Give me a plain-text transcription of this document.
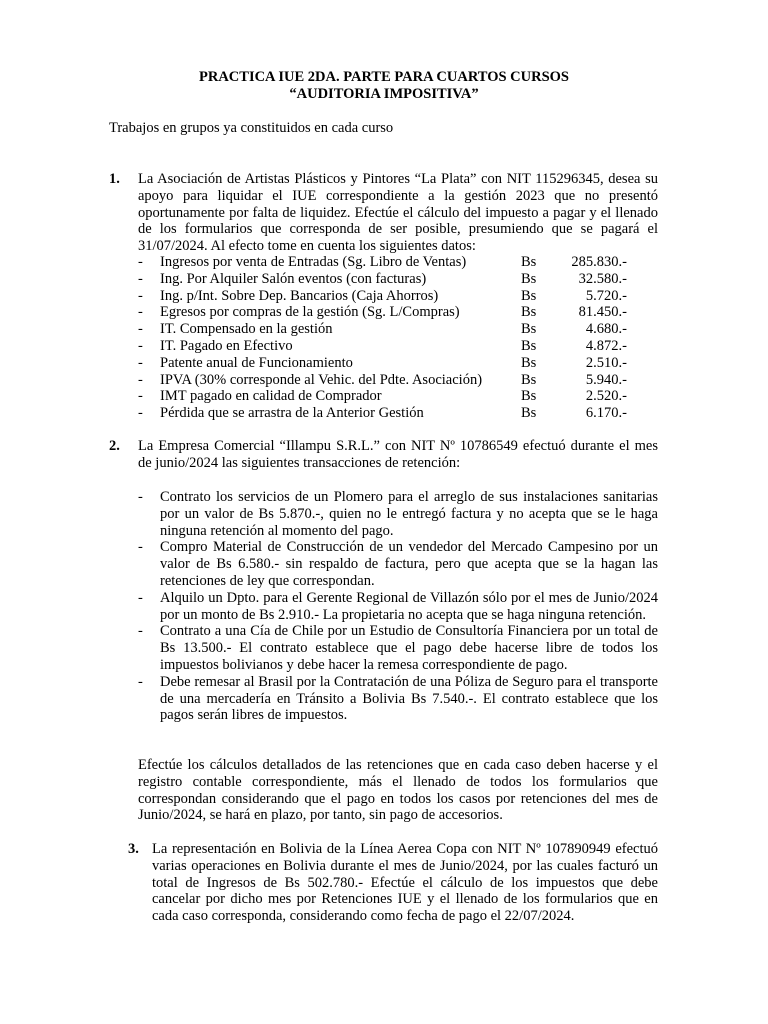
PRACTICA IUE 2DA. PARTE PARA CUARTOS CURSOS
“AUDITORIA IMPOSITIVA”
Trabajos en grupos ya constituidos en cada curso
1. La Asociación de Artistas Plásticos y Pintores “La Plata” con NIT 115296345, desea su apoyo para liquidar el IUE correspondiente a la gestión 2023 que no presentó oportunamente por falta de liquidez. Efectúe el cálculo del impuesto a pagar y el llenado de los formularios que corresponda de ser posible, presumiendo que se pagará el 31/07/2024. Al efecto tome en cuenta los siguientes datos:
- Ingresos por venta de Entradas (Sg. Libro de Ventas)	Bs	285.830.-
- Ing. Por Alquiler Salón eventos (con facturas)	Bs	32.580.-
- Ing. p/Int. Sobre Dep. Bancarios (Caja Ahorros)	Bs	5.720.-
- Egresos por compras de la gestión (Sg. L/Compras)	Bs	81.450.-
- IT. Compensado en la gestión	Bs	4.680.-
- IT. Pagado en Efectivo	Bs	4.872.-
- Patente anual de Funcionamiento	Bs	2.510.-
- IPVA (30% corresponde al Vehic. del Pdte. Asociación)	Bs	5.940.-
- IMT pagado en calidad de Comprador	Bs	2.520.-
- Pérdida que se arrastra de la Anterior Gestión	Bs	6.170.-
2. La Empresa Comercial “Illampu S.R.L.” con NIT Nº 10786549 efectuó durante el mes de junio/2024 las siguientes transacciones de retención:
- Contrato los servicios de un Plomero para el arreglo de sus instalaciones sanitarias por un valor de Bs 5.870.-, quien no le entregó factura y no acepta que se le haga ninguna retención al momento del pago.
- Compro Material de Construcción de un vendedor del Mercado Campesino por un valor de Bs 6.580.- sin respaldo de factura, pero que acepta que se la hagan las retenciones de ley que correspondan.
- Alquilo un Dpto. para el Gerente Regional de Villazón sólo por el mes de Junio/2024 por un monto de Bs 2.910.- La propietaria no acepta que se haga ninguna retención.
- Contrato a una Cía de Chile por un Estudio de Consultoría Financiera por un total de Bs 13.500.- El contrato establece que el pago debe hacerse libre de todos los impuestos bolivianos y debe hacer la remesa correspondiente de pago.
- Debe remesar al Brasil por la Contratación de una Póliza de Seguro para el transporte de una mercadería en Tránsito a Bolivia Bs 7.540.-. El contrato establece que los pagos serán libres de impuestos.
Efectúe los cálculos detallados de las retenciones que en cada caso deben hacerse y el registro contable correspondiente, más el llenado de todos los formularios que correspondan considerando que el pago en todos los casos por retenciones del mes de Junio/2024, se hará en plazo, por tanto, sin pago de accesorios.
3. La representación en Bolivia de la Línea Aerea Copa con NIT Nº 107890949 efectuó varias operaciones en Bolivia durante el mes de Junio/2024, por las cuales facturó un total de Ingresos de Bs 502.780.- Efectúe el cálculo de los impuestos que debe cancelar por dicho mes por Retenciones IUE y el llenado de los formularios que en cada caso corresponda, considerando como fecha de pago el 22/07/2024.
